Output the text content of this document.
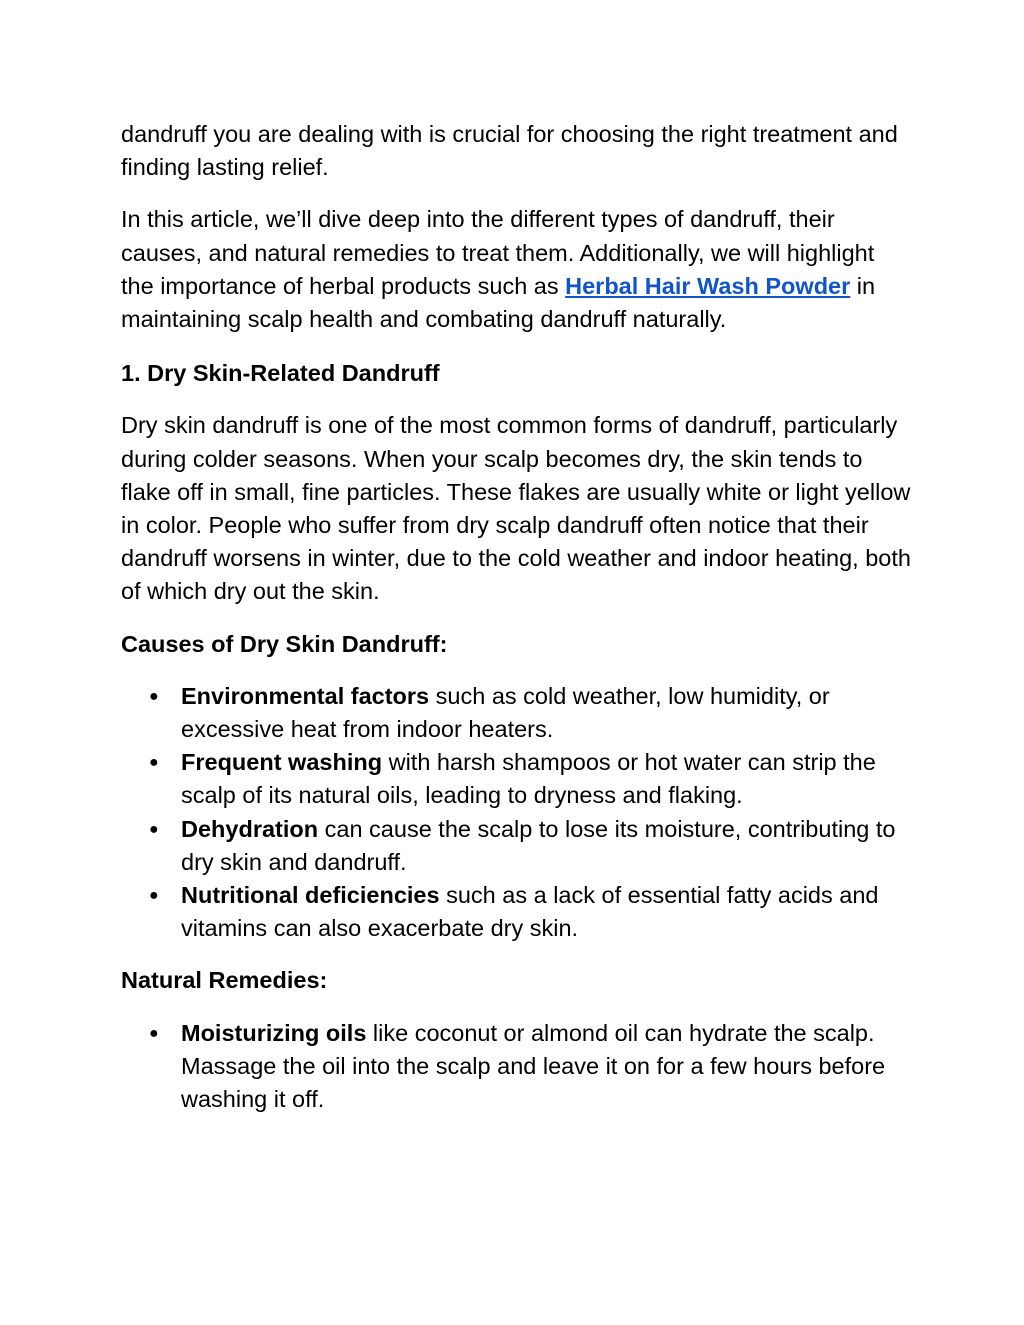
dandruff you are dealing with is crucial for choosing the right treatment and finding lasting relief.

In this article, we’ll dive deep into the different types of dandruff, their causes, and natural remedies to treat them. Additionally, we will highlight the importance of herbal products such as Herbal Hair Wash Powder in maintaining scalp health and combating dandruff naturally.

1. Dry Skin-Related Dandruff

Dry skin dandruff is one of the most common forms of dandruff, particularly during colder seasons. When your scalp becomes dry, the skin tends to flake off in small, fine particles. These flakes are usually white or light yellow in color. People who suffer from dry scalp dandruff often notice that their dandruff worsens in winter, due to the cold weather and indoor heating, both of which dry out the skin.

Causes of Dry Skin Dandruff:

● Environmental factors such as cold weather, low humidity, or excessive heat from indoor heaters.
● Frequent washing with harsh shampoos or hot water can strip the scalp of its natural oils, leading to dryness and flaking.
● Dehydration can cause the scalp to lose its moisture, contributing to dry skin and dandruff.
● Nutritional deficiencies such as a lack of essential fatty acids and vitamins can also exacerbate dry skin.

Natural Remedies:

● Moisturizing oils like coconut or almond oil can hydrate the scalp. Massage the oil into the scalp and leave it on for a few hours before washing it off.
